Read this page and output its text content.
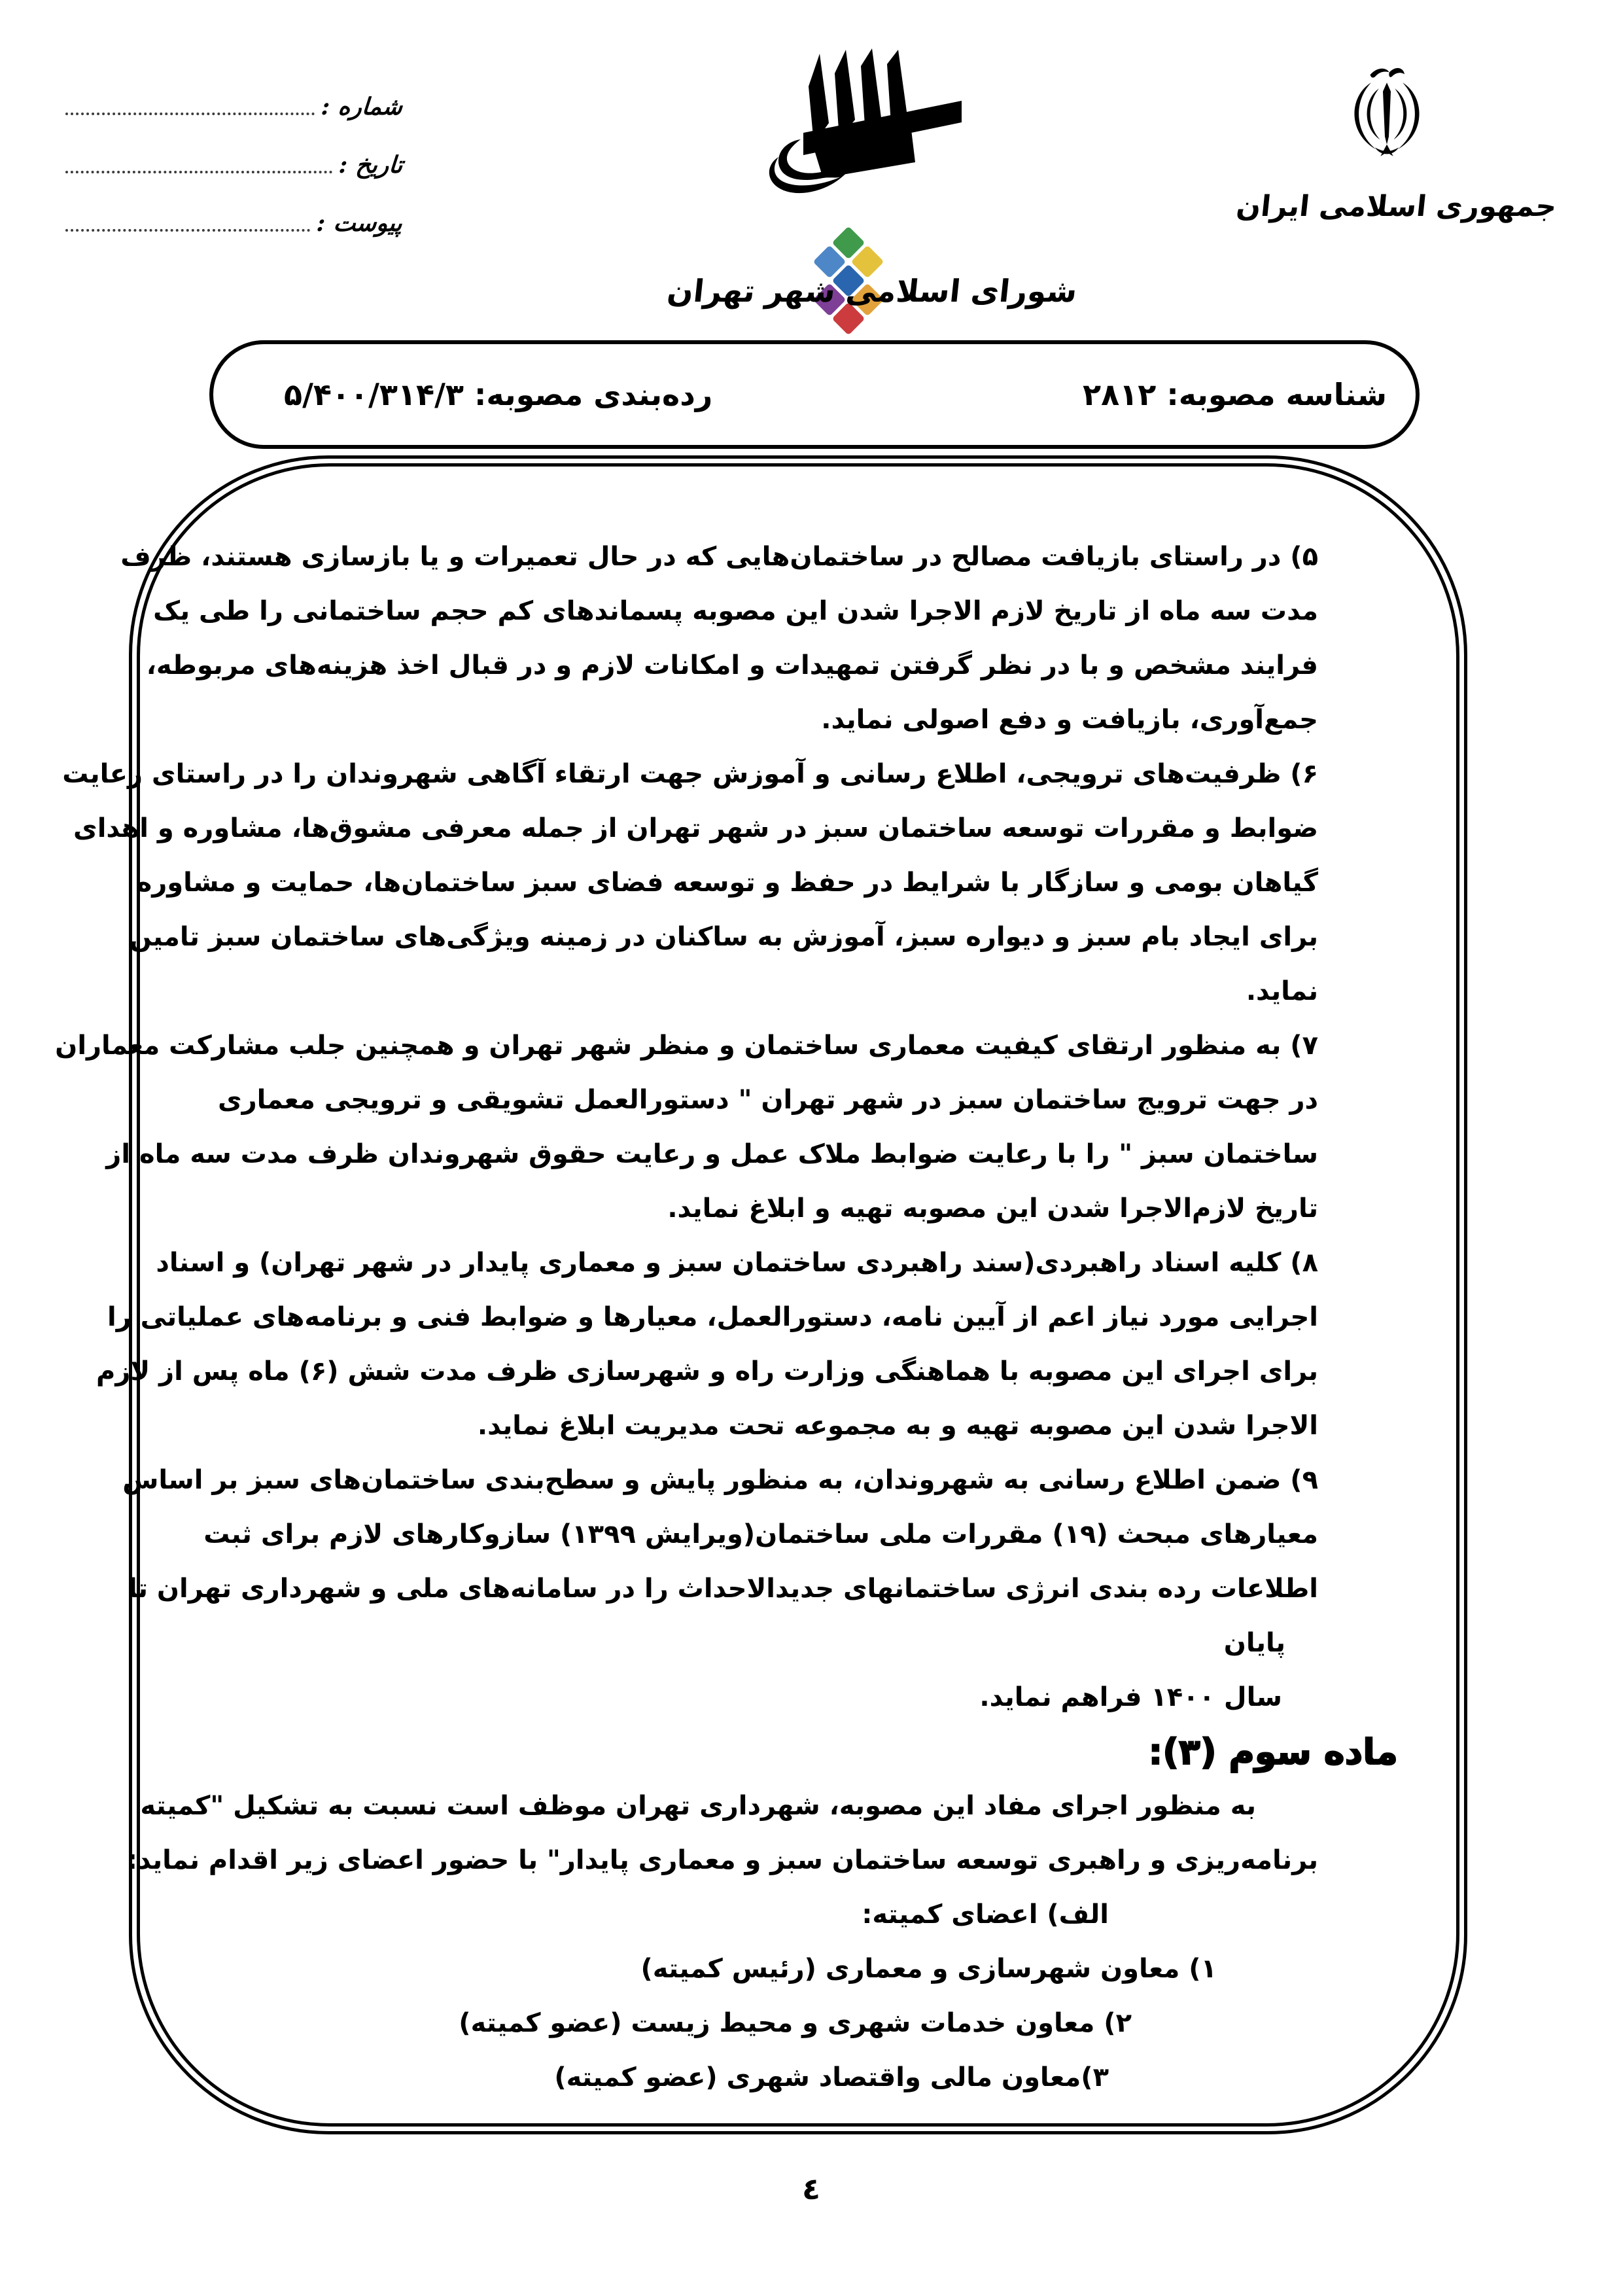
شماره :
تاریخ :
پیوست :
شورای اسلامی شهر تهران
جمهوری اسلامی ایران
شناسه مصوبه: ۲۸۱۲
رده‌بندی مصوبه: ۵/۴۰۰/۳۱۴/۳
۵) در راستای بازیافت مصالح در ساختمان‌هایی که در حال تعمیرات و یا بازسازی هستند، ظرف
مدت سه ماه از تاریخ لازم الاجرا شدن این مصوبه پسماندهای کم حجم ساختمانی را طی یک
فرایند مشخص و با در نظر گرفتن تمهیدات و امکانات لازم و در قبال اخذ هزینه‌های مربوطه،
جمع‌آوری، بازیافت و دفع اصولی نماید.
۶) ظرفیت‌های ترویجی، اطلاع رسانی و آموزش جهت ارتقاء آگاهی شهروندان را در راستای رعایت
ضوابط و مقررات توسعه ساختمان سبز در شهر تهران از جمله معرفی مشوق‌ها، مشاوره و اهدای
گیاهان بومی و سازگار با شرایط در حفظ و توسعه فضای سبز ساختمان‌ها، حمایت و مشاوره
برای ایجاد بام سبز و دیواره سبز، آموزش به ساکنان در زمینه ویژگی‌های ساختمان سبز تامین
نماید.
۷) به منظور ارتقای کیفیت معماری ساختمان و منظر شهر تهران و همچنین جلب مشارکت معماران
در جهت ترویج ساختمان سبز در شهر تهران " دستورالعمل تشویقی و ترویجی معماری
ساختمان سبز " را با رعایت ضوابط ملاک عمل و رعایت حقوق شهروندان ظرف مدت سه ماه از
تاریخ لازم‌الاجرا شدن این مصوبه تهیه و ابلاغ نماید.
۸) کلیه اسناد راهبردی(سند راهبردی ساختمان سبز و معماری پایدار در شهر تهران) و اسناد
اجرایی مورد نیاز اعم از آیین نامه، دستورالعمل، معیارها و ضوابط فنی و برنامه‌های عملیاتی را
برای اجرای این مصوبه با هماهنگی وزارت راه و شهرسازی ظرف مدت شش (۶) ماه پس از لازم
الاجرا شدن این مصوبه تهیه و به مجموعه تحت مدیریت ابلاغ نماید.
۹) ضمن اطلاع رسانی به شهروندان، به منظور پایش و سطح‌بندی ساختمان‌های سبز بر اساس
معیارهای مبحث (۱۹) مقررات ملی ساختمان(ویرایش ۱۳۹۹) سازوکارهای لازم برای ثبت
اطلاعات رده بندی انرژی ساختمانهای جدیدالاحداث را در سامانه‌های ملی و شهرداری تهران تا
پایان
سال ۱۴۰۰ فراهم نماید.
ماده سوم (۳):
به منظور اجرای مفاد این مصوبه، شهرداری تهران موظف است نسبت به تشکیل "کمیته
برنامه‌ریزی و راهبری توسعه ساختمان سبز و معماری پایدار" با حضور اعضای زیر اقدام نماید:
الف) اعضای کمیته:
۱) معاون شهرسازی و معماری (رئیس کمیته)
۲) معاون خدمات شهری و محیط زیست (عضو کمیته)
۳)معاون مالی واقتصاد شهری (عضو کمیته)
٤
